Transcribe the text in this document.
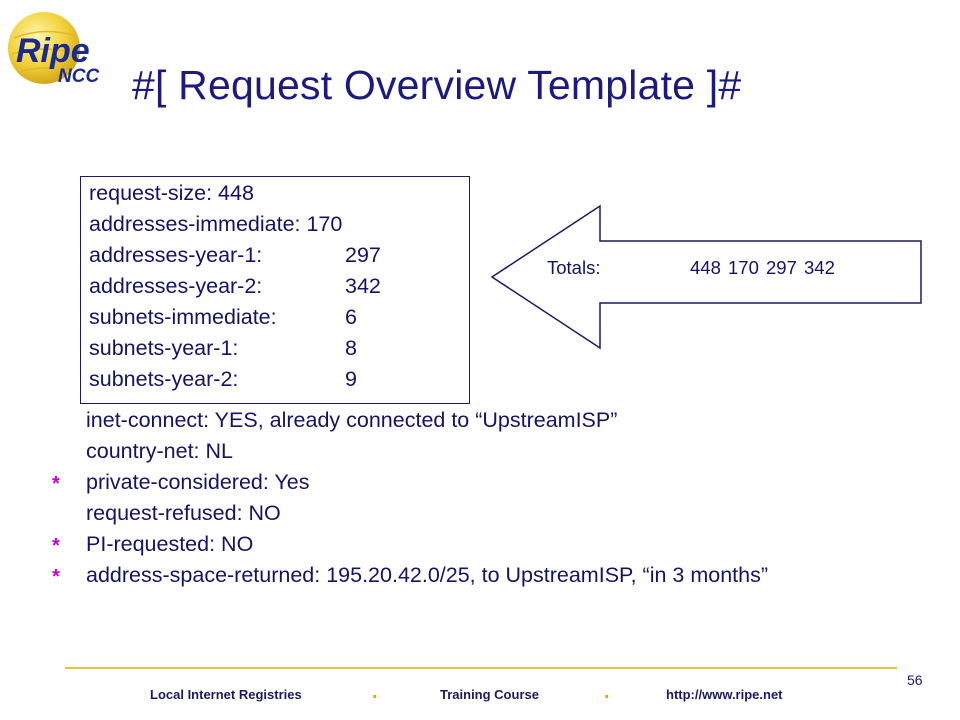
Ripe
NCC #[ Request Overview Template ]#
request-size: 448
addresses-immediate: 170
addresses-year-1:	297
addresses-year-2:	342
subnets-immediate:	6
subnets-year-1:	8
subnets-year-2:	9
Totals:	448 170 297 342
inet-connect: YES, already connected to “UpstreamISP”
country-net: NL
* private-considered: Yes
request-refused: NO
* PI-requested: NO
* address-space-returned: 195.20.42.0/25, to UpstreamISP, “in 3 months”
Local Internet Registries	.	Training Course	.	http://www.ripe.net
56
